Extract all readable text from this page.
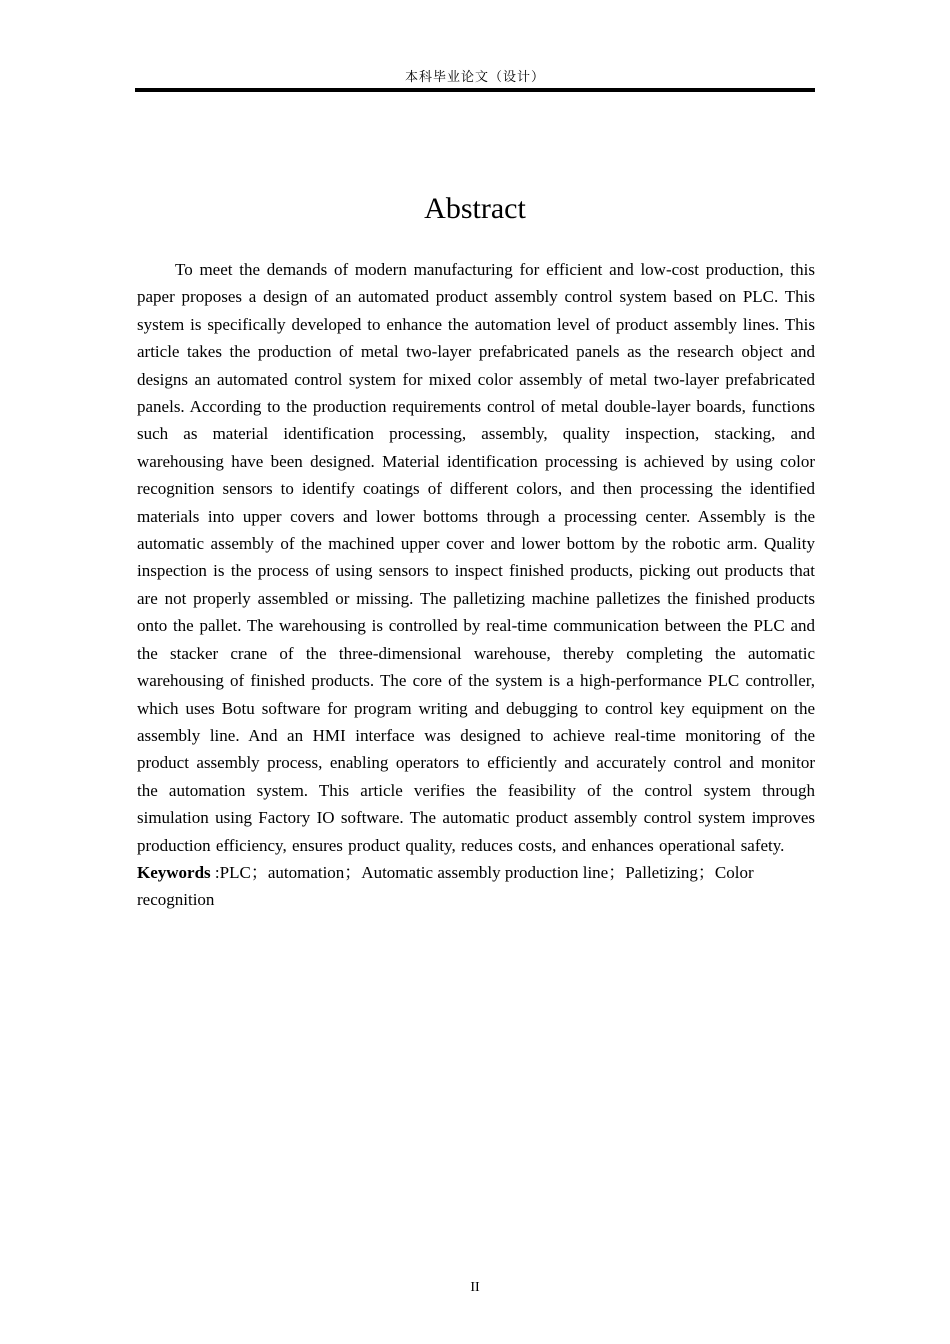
本科毕业论文（设计）
Abstract

To meet the demands of modern manufacturing for efficient and low-cost production, this paper proposes a design of an automated product assembly control system based on PLC. This system is specifically developed to enhance the automation level of product assembly lines. This article takes the production of metal two-layer prefabricated panels as the research object and designs an automated control system for mixed color assembly of metal two-layer prefabricated panels. According to the production requirements control of metal double-layer boards, functions such as material identification processing, assembly, quality inspection, stacking, and warehousing have been designed. Material identification processing is achieved by using color recognition sensors to identify coatings of different colors, and then processing the identified materials into upper covers and lower bottoms through a processing center. Assembly is the automatic assembly of the machined upper cover and lower bottom by the robotic arm. Quality inspection is the process of using sensors to inspect finished products, picking out products that are not properly assembled or missing. The palletizing machine palletizes the finished products onto the pallet. The warehousing is controlled by real-time communication between the PLC and the stacker crane of the three-dimensional warehouse, thereby completing the automatic warehousing of finished products. The core of the system is a high-performance PLC controller, which uses Botu software for program writing and debugging to control key equipment on the assembly line. And an HMI interface was designed to achieve real-time monitoring of the product assembly process, enabling operators to efficiently and accurately control and monitor the automation system. This article verifies the feasibility of the control system through simulation using Factory IO software. The automatic product assembly control system improves production efficiency, ensures product quality, reduces costs, and enhances operational safety.

Keywords :PLC；automation；Automatic assembly production line；Palletizing；Color recognition

II
